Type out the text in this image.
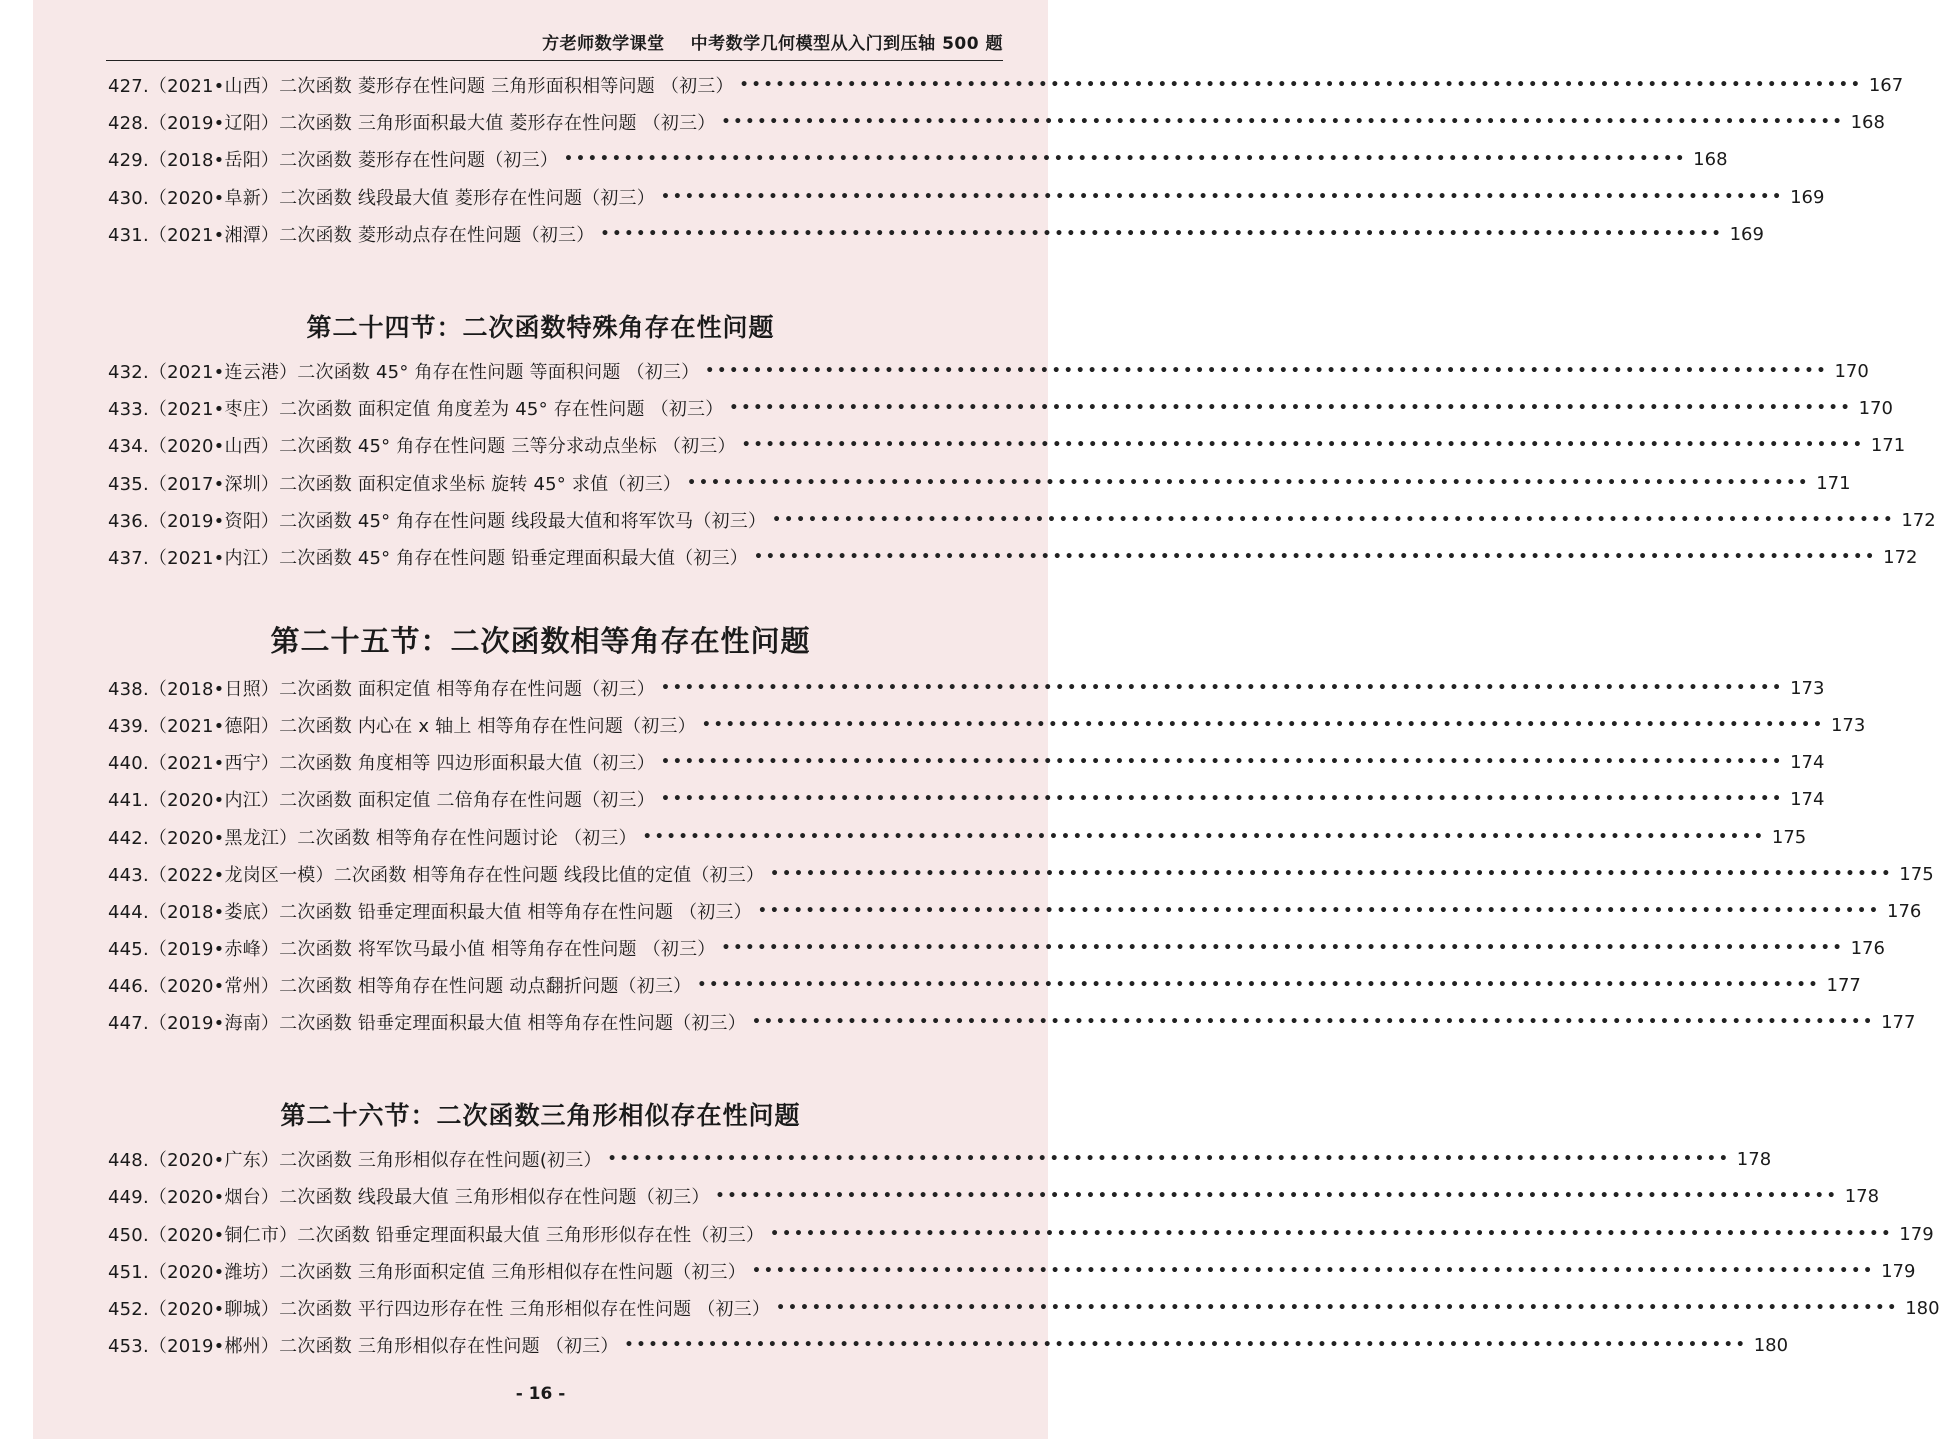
方老师数学课堂 中考数学几何模型从入门到压轴 500 题
427.（2021•山西）二次函数 菱形存在性问题 三角形面积相等问题 （初三） •••••••••••••••••••••••••••••••••••••••••••••••••••••••••••••••••••••••••••••••••••••••••••••• 167
428.（2019•辽阳）二次函数 三角形面积最大值 菱形存在性问题 （初三） •••••••••••••••••••••••••••••••••••••••••••••••••••••••••••••••••••••••••••••••••••••••••••••• 168
429.（2018•岳阳）二次函数 菱形存在性问题（初三） •••••••••••••••••••••••••••••••••••••••••••••••••••••••••••••••••••••••••••••••••••••••••••••• 168
430.（2020•阜新）二次函数 线段最大值 菱形存在性问题（初三） •••••••••••••••••••••••••••••••••••••••••••••••••••••••••••••••••••••••••••••••••••••••••••••• 169
431.（2021•湘潭）二次函数 菱形动点存在性问题（初三） •••••••••••••••••••••••••••••••••••••••••••••••••••••••••••••••••••••••••••••••••••••••••••••• 169
第二十四节：二次函数特殊角存在性问题
432.（2021•连云港）二次函数 45° 角存在性问题 等面积问题 （初三） •••••••••••••••••••••••••••••••••••••••••••••••••••••••••••••••••••••••••••••••••••••••••••••• 170
433.（2021•枣庄）二次函数 面积定值 角度差为 45° 存在性问题 （初三） •••••••••••••••••••••••••••••••••••••••••••••••••••••••••••••••••••••••••••••••••••••••••••••• 170
434.（2020•山西）二次函数 45° 角存在性问题 三等分求动点坐标 （初三） •••••••••••••••••••••••••••••••••••••••••••••••••••••••••••••••••••••••••••••••••••••••••••••• 171
435.（2017•深圳）二次函数 面积定值求坐标 旋转 45° 求值（初三） •••••••••••••••••••••••••••••••••••••••••••••••••••••••••••••••••••••••••••••••••••••••••••••• 171
436.（2019•资阳）二次函数 45° 角存在性问题 线段最大值和将军饮马（初三） •••••••••••••••••••••••••••••••••••••••••••••••••••••••••••••••••••••••••••••••••••••••••••••• 172
437.（2021•内江）二次函数 45° 角存在性问题 铅垂定理面积最大值（初三） •••••••••••••••••••••••••••••••••••••••••••••••••••••••••••••••••••••••••••••••••••••••••••••• 172
第二十五节：二次函数相等角存在性问题
438.（2018•日照）二次函数 面积定值 相等角存在性问题（初三） •••••••••••••••••••••••••••••••••••••••••••••••••••••••••••••••••••••••••••••••••••••••••••••• 173
439.（2021•德阳）二次函数 内心在 x 轴上 相等角存在性问题（初三） •••••••••••••••••••••••••••••••••••••••••••••••••••••••••••••••••••••••••••••••••••••••••••••• 173
440.（2021•西宁）二次函数 角度相等 四边形面积最大值（初三） •••••••••••••••••••••••••••••••••••••••••••••••••••••••••••••••••••••••••••••••••••••••••••••• 174
441.（2020•内江）二次函数 面积定值 二倍角存在性问题（初三） •••••••••••••••••••••••••••••••••••••••••••••••••••••••••••••••••••••••••••••••••••••••••••••• 174
442.（2020•黑龙江）二次函数 相等角存在性问题讨论 （初三） •••••••••••••••••••••••••••••••••••••••••••••••••••••••••••••••••••••••••••••••••••••••••••••• 175
443.（2022•龙岗区一模）二次函数 相等角存在性问题 线段比值的定值（初三） •••••••••••••••••••••••••••••••••••••••••••••••••••••••••••••••••••••••••••••••••••••••••••••• 175
444.（2018•娄底）二次函数 铅垂定理面积最大值 相等角存在性问题 （初三） •••••••••••••••••••••••••••••••••••••••••••••••••••••••••••••••••••••••••••••••••••••••••••••• 176
445.（2019•赤峰）二次函数 将军饮马最小值 相等角存在性问题 （初三） •••••••••••••••••••••••••••••••••••••••••••••••••••••••••••••••••••••••••••••••••••••••••••••• 176
446.（2020•常州）二次函数 相等角存在性问题 动点翻折问题（初三） •••••••••••••••••••••••••••••••••••••••••••••••••••••••••••••••••••••••••••••••••••••••••••••• 177
447.（2019•海南）二次函数 铅垂定理面积最大值 相等角存在性问题（初三） •••••••••••••••••••••••••••••••••••••••••••••••••••••••••••••••••••••••••••••••••••••••••••••• 177
第二十六节：二次函数三角形相似存在性问题
448.（2020•广东）二次函数 三角形相似存在性问题(初三） •••••••••••••••••••••••••••••••••••••••••••••••••••••••••••••••••••••••••••••••••••••••••••••• 178
449.（2020•烟台）二次函数 线段最大值 三角形相似存在性问题（初三） •••••••••••••••••••••••••••••••••••••••••••••••••••••••••••••••••••••••••••••••••••••••••••••• 178
450.（2020•铜仁市）二次函数 铅垂定理面积最大值 三角形形似存在性（初三） •••••••••••••••••••••••••••••••••••••••••••••••••••••••••••••••••••••••••••••••••••••••••••••• 179
451.（2020•潍坊）二次函数 三角形面积定值 三角形相似存在性问题（初三） •••••••••••••••••••••••••••••••••••••••••••••••••••••••••••••••••••••••••••••••••••••••••••••• 179
452.（2020•聊城）二次函数 平行四边形存在性 三角形相似存在性问题 （初三） •••••••••••••••••••••••••••••••••••••••••••••••••••••••••••••••••••••••••••••••••••••••••••••• 180
453.（2019•郴州）二次函数 三角形相似存在性问题 （初三） •••••••••••••••••••••••••••••••••••••••••••••••••••••••••••••••••••••••••••••••••••••••••••••• 180
- 16 -
